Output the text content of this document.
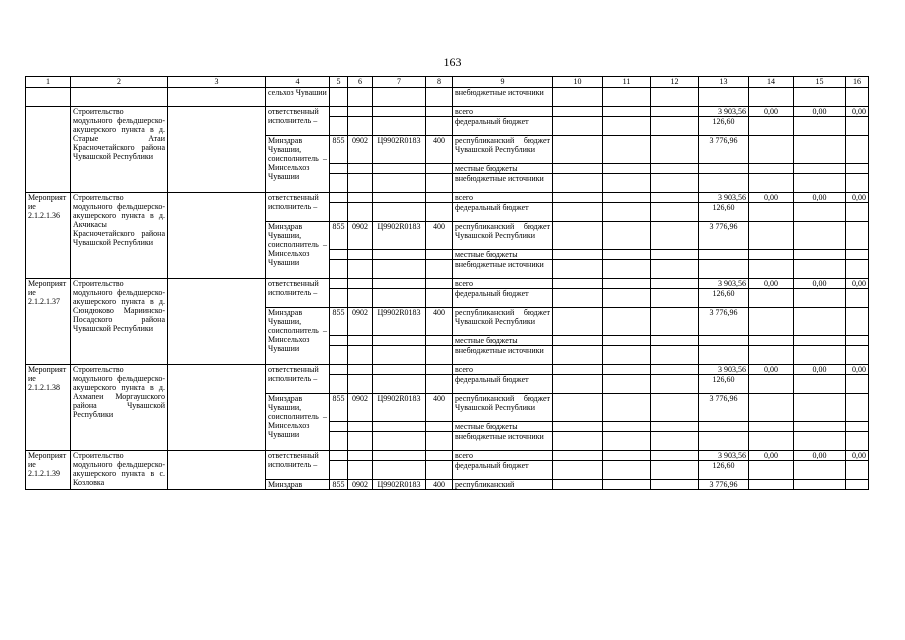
163
1	2	3	4	5	6	7	8	9	10	11	12	13	14	15	16
			сельхоз Чувашии					внебюджетные источники							
	Строительство модульного фельдшерско-акушерского пункта в д. Старые Атаи Красночетайского района Чувашской Республики		ответственный исполнитель –					всего				3 903,56	0,00	0,00	0,00
								федеральный бюджет				126,60			
			Минздрав Чувашии, соисполнитель – Минсельхоз Чувашии	855	0902	Ц9902R0183	400	республиканский бюджет Чувашской Республики				3 776,96			
								местные бюджеты							
								внебюджетные источники							
Мероприятие 2.1.2.1.36	Строительство модульного фельдшерско-акушерского пункта в д. Акчикасы Красночетайского района Чувашской Республики		ответственный исполнитель –					всего				3 903,56	0,00	0,00	0,00
								федеральный бюджет				126,60			
			Минздрав Чувашии, соисполнитель – Минсельхоз Чувашии	855	0902	Ц9902R0183	400	республиканский бюджет Чувашской Республики				3 776,96			
								местные бюджеты							
								внебюджетные источники							
Мероприятие 2.1.2.1.37	Строительство модульного фельдшерско-акушерского пункта в д. Сюндюково Мариинско-Посадского района Чувашской Республики		ответственный исполнитель –					всего				3 903,56	0,00	0,00	0,00
								федеральный бюджет				126,60			
			Минздрав Чувашии, соисполнитель – Минсельхоз Чувашии	855	0902	Ц9902R0183	400	республиканский бюджет Чувашской Республики				3 776,96			
								местные бюджеты							
								внебюджетные источники							
Мероприятие 2.1.2.1.38	Строительство модульного фельдшерско-акушерского пункта в д. Ахмапеи Моргаушского района Чувашской Республики		ответственный исполнитель –					всего				3 903,56	0,00	0,00	0,00
								федеральный бюджет				126,60			
			Минздрав Чувашии, соисполнитель – Минсельхоз Чувашии	855	0902	Ц9902R0183	400	республиканский бюджет Чувашской Республики				3 776,96			
								местные бюджеты							
								внебюджетные источники							
Мероприятие 2.1.2.1.39	Строительство модульного фельдшерско-акушерского пункта в с. Козловка		ответственный исполнитель –					всего				3 903,56	0,00	0,00	0,00
								федеральный бюджет				126,60			
			Минздрав	855	0902	Ц9902R0183	400	республиканский				3 776,96			
